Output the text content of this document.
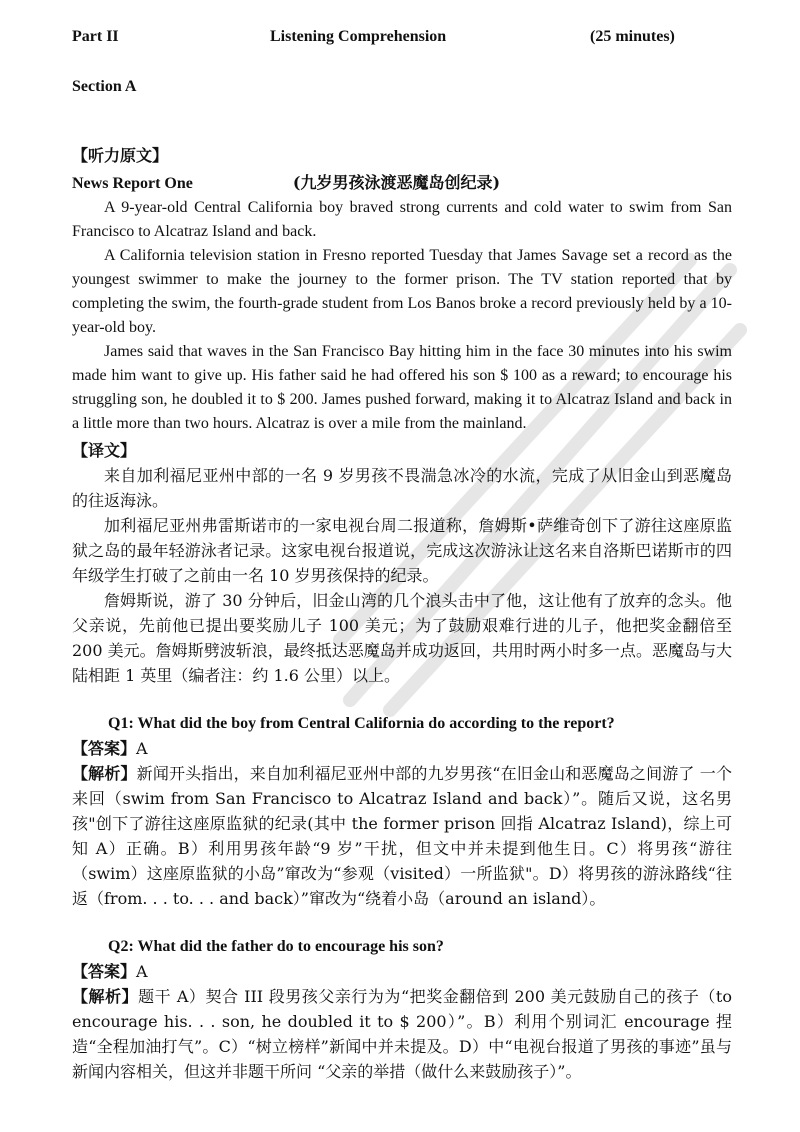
Part II	Listening Comprehension	(25 minutes)
Section A
【听力原文】
News Report One	(九岁男孩泳渡恶魔岛创纪录)

A 9-year-old Central California boy braved strong currents and cold water to swim from San Francisco to Alcatraz Island and back.

A California television station in Fresno reported Tuesday that James Savage set a record as the youngest swimmer to make the journey to the former prison. The TV station reported that by completing the swim, the fourth-grade student from Los Banos broke a record previously held by a 10-year-old boy.

James said that waves in the San Francisco Bay hitting him in the face 30 minutes into his swim made him want to give up. His father said he had offered his son $ 100 as a reward; to encourage his struggling son, he doubled it to $ 200. James pushed forward, making it to Alcatraz Island and back in a little more than two hours. Alcatraz is over a mile from the mainland.

【译文】

来自加利福尼亚州中部的一名 9 岁男孩不畏湍急冰冷的水流，完成了从旧金山到恶魔岛的往返海泳。

加利福尼亚州弗雷斯诺市的一家电视台周二报道称，詹姆斯•萨维奇创下了游往这座原监狱之岛的最年轻游泳者记录。这家电视台报道说，完成这次游泳让这名来自洛斯巴诺斯市的四年级学生打破了之前由一名 10 岁男孩保持的纪录。

詹姆斯说，游了 30 分钟后，旧金山湾的几个浪头击中了他，这让他有了放弃的念头。他父亲说，先前他已提出要奖励儿子 100 美元；为了鼓励艰难行进的儿子，他把奖金翻倍至 200 美元。詹姆斯劈波斩浪，最终抵达恶魔岛并成功返回，共用时两小时多一点。恶魔岛与大陆相距 1 英里（编者注：约 1.6 公里）以上。

Q1: What did the boy from Central California do according to the report?
【答案】A
【解析】新闻开头指出，来自加利福尼亚州中部的九岁男孩“在旧金山和恶魔岛之间游了 一个来回（swim from San Francisco to Alcatraz Island and back）”。随后又说，这名男孩"创下了游往这座原监狱的纪录(其中 the former prison 回指 Alcatraz Island)，综上可知 A）正确。B）利用男孩年龄“9 岁”干扰，但文中并未提到他生日。C）将男孩“游往（swim）这座原监狱的小岛”窜改为“参观（visited）一所监狱"。D）将男孩的游泳路线“往返（from. . . to. . . and back）”窜改为“绕着小岛（around an island）。
Q2: What did the father do to encourage his son?
【答案】A
【解析】题干 A）契合 III 段男孩父亲行为为“把奖金翻倍到 200 美元鼓励自己的孩子（to encourage his. . . son, he doubled it to $ 200）”。B）利用个别词汇 encourage 捏造“全程加油打气”。C）“树立榜样”新闻中并未提及。D）中“电视台报道了男孩的事迹”虽与新闻内容相关，但这并非题干所问 “父亲的举措（做什么来鼓励孩子）”。
